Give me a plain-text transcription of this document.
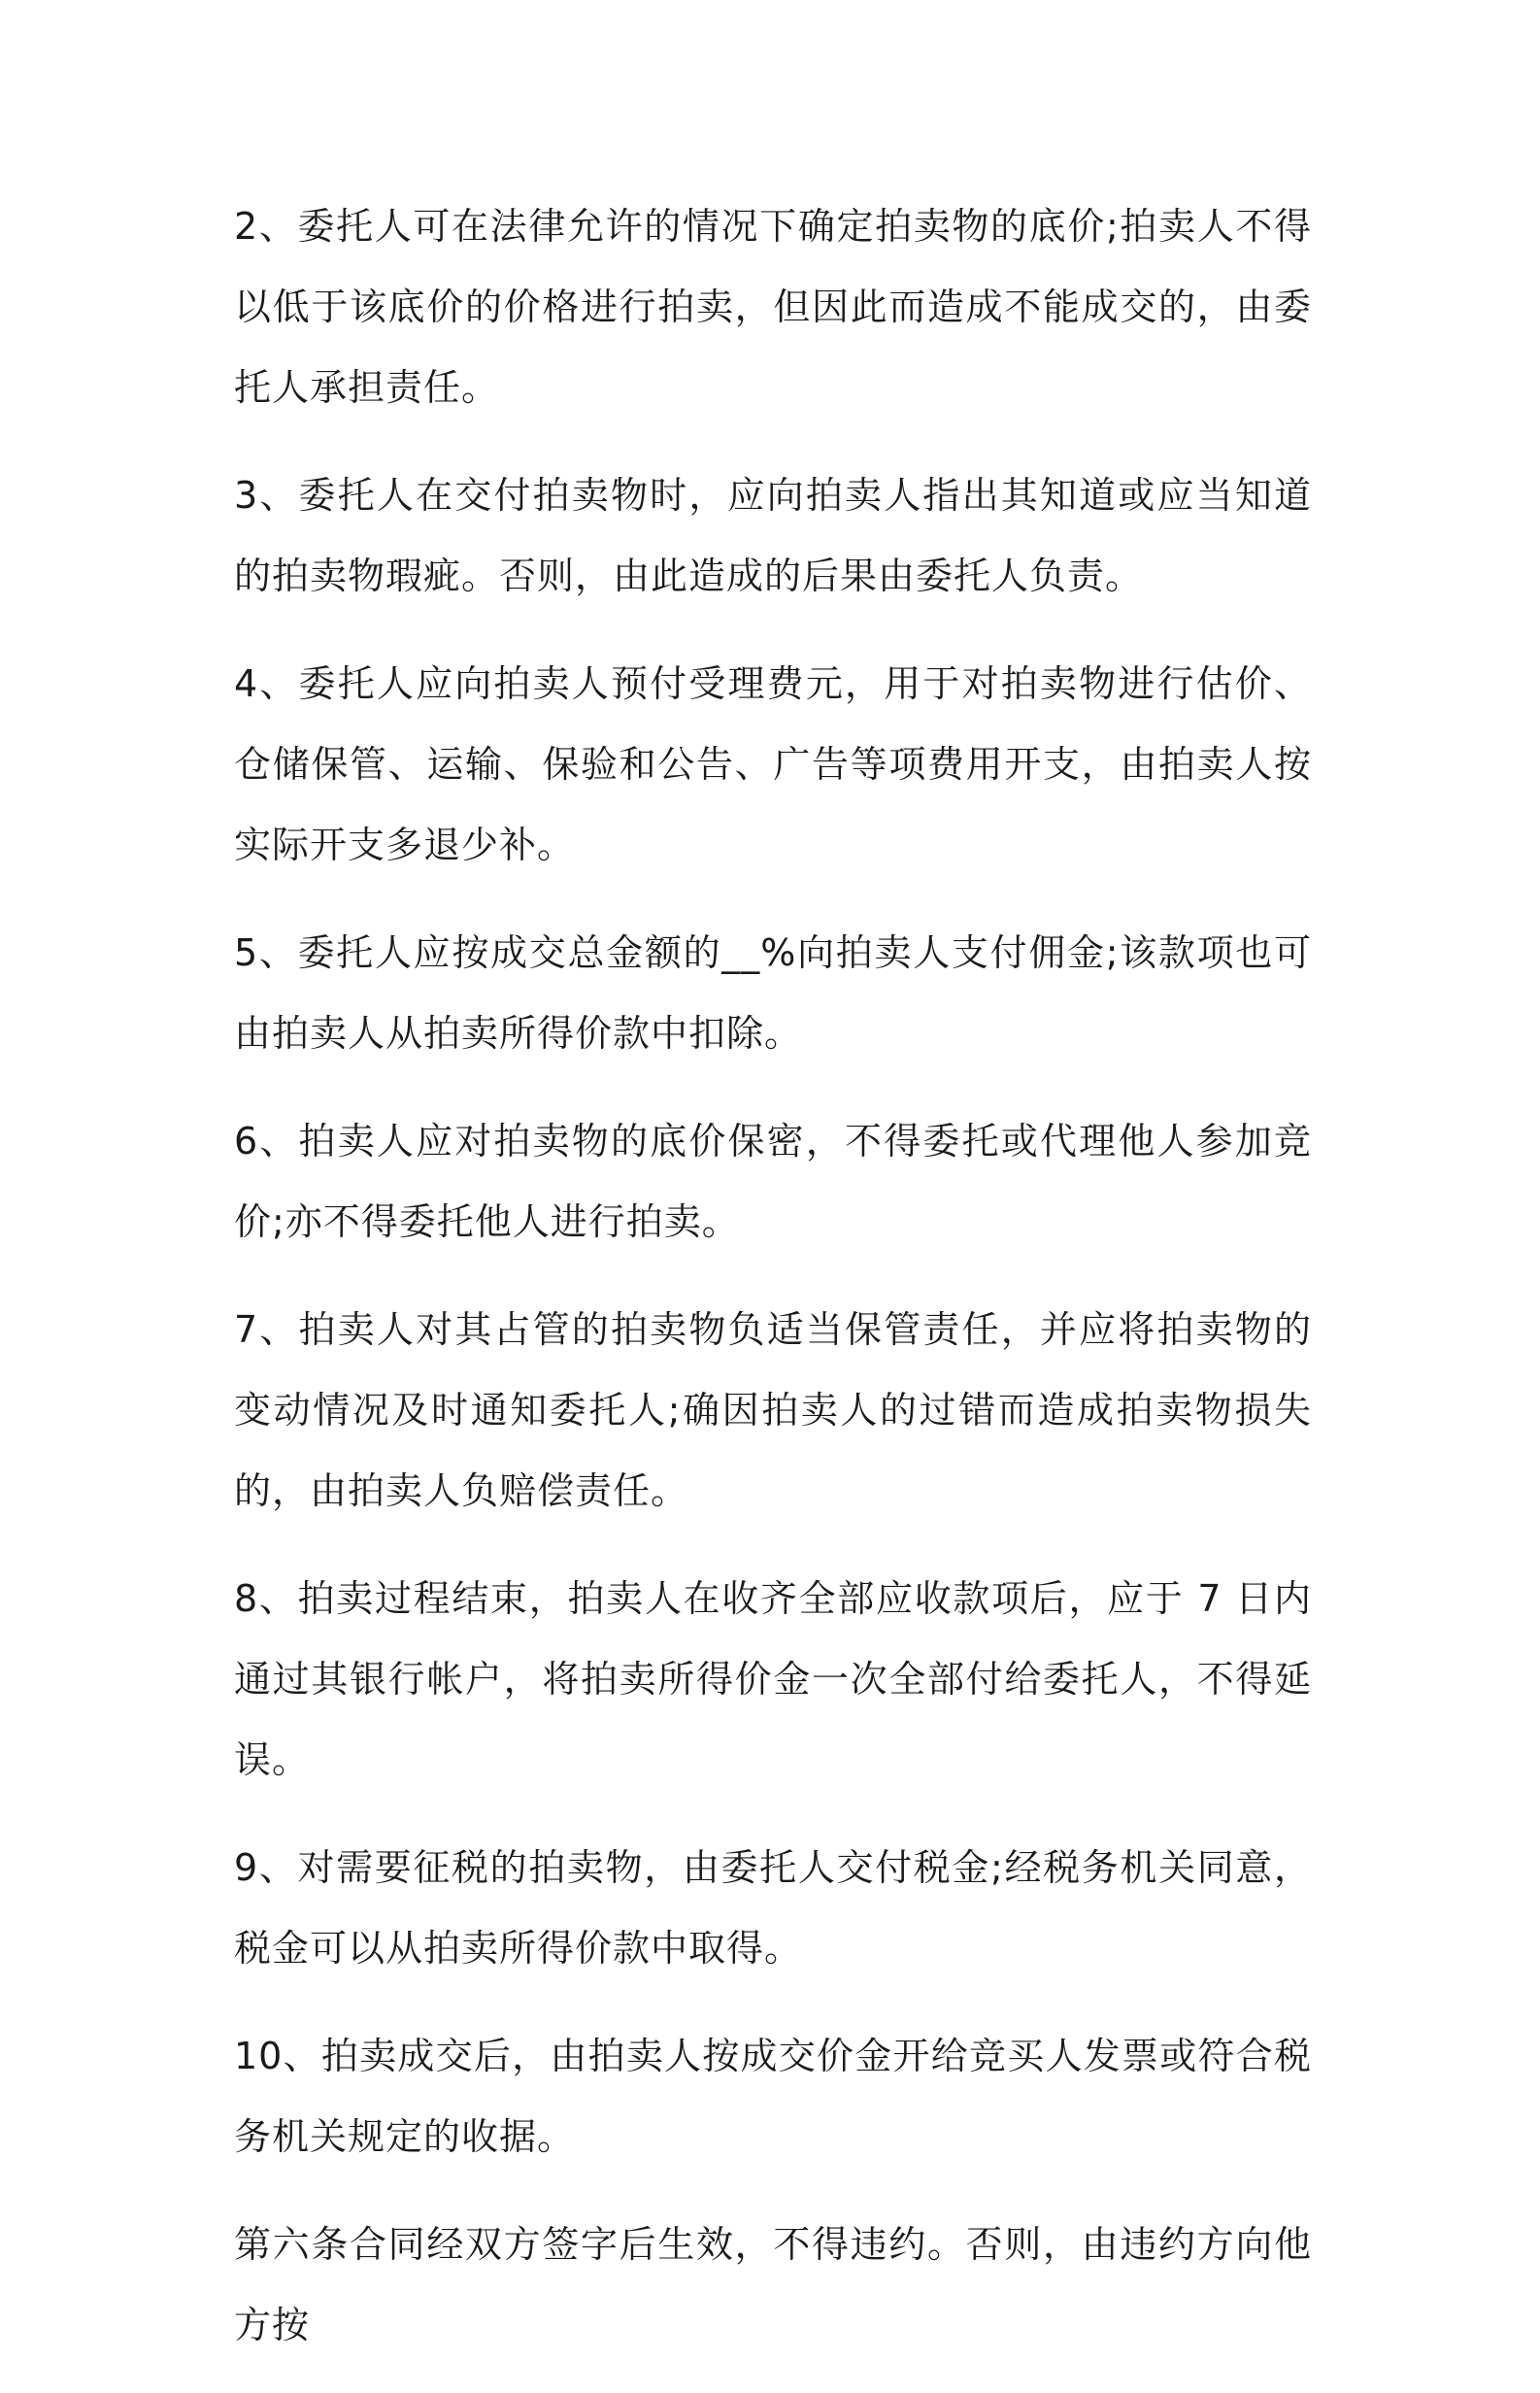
2、委托人可在法律允许的情况下确定拍卖物的底价;拍卖人不得以低于该底价的价格进行拍卖，但因此而造成不能成交的，由委托人承担责任。

3、委托人在交付拍卖物时，应向拍卖人指出其知道或应当知道的拍卖物瑕疵。否则，由此造成的后果由委托人负责。

4、委托人应向拍卖人预付受理费元，用于对拍卖物进行估价、仓储保管、运输、保验和公告、广告等项费用开支，由拍卖人按实际开支多退少补。

5、委托人应按成交总金额的__%向拍卖人支付佣金;该款项也可由拍卖人从拍卖所得价款中扣除。

6、拍卖人应对拍卖物的底价保密，不得委托或代理他人参加竞价;亦不得委托他人进行拍卖。

7、拍卖人对其占管的拍卖物负适当保管责任，并应将拍卖物的变动情况及时通知委托人;确因拍卖人的过错而造成拍卖物损失的，由拍卖人负赔偿责任。

8、拍卖过程结束，拍卖人在收齐全部应收款项后，应于 7 日内通过其银行帐户，将拍卖所得价金一次全部付给委托人，不得延误。

9、对需要征税的拍卖物，由委托人交付税金;经税务机关同意，税金可以从拍卖所得价款中取得。

10、拍卖成交后，由拍卖人按成交价金开给竞买人发票或符合税务机关规定的收据。

第六条合同经双方签字后生效，不得违约。否则，由违约方向他方按
